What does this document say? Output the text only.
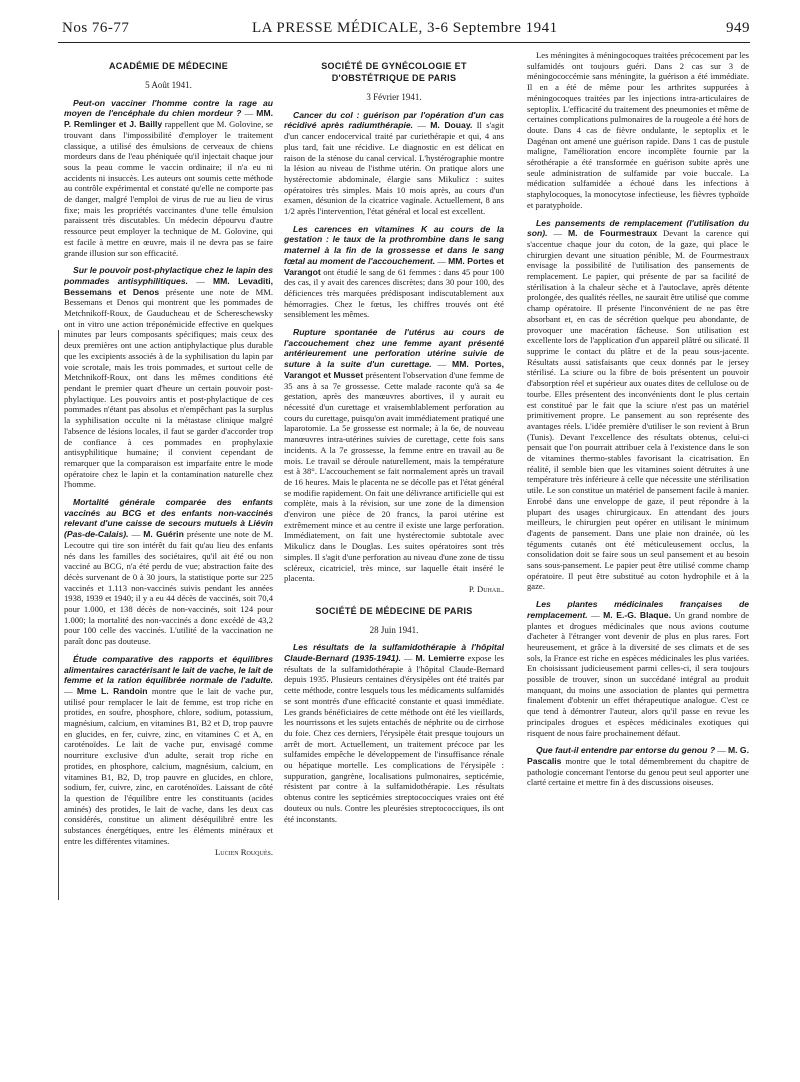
Nos 76-77	LA PRESSE MÉDICALE, 3-6 Septembre 1941	949
ACADÉMIE DE MÉDECINE

5 Août 1941.

Peut-on vacciner l'homme contre la rage au moyen de l'encéphale du chien mordeur ? — MM. P. Remlinger et J. Bailly rappellent que M. Golovine, se trouvant dans l'impossibilité d'employer le traitement classique, a utilisé des émulsions de cerveaux de chiens mordeurs dans de l'eau phéniquée qu'il injectait chaque jour sous la peau comme le vaccin ordinaire; il n'a eu ni accidents ni insuccès. Les auteurs ont soumis cette méthode au contrôle expérimental et constaté qu'elle ne comporte pas de danger, malgré l'emploi de virus de rue au lieu de virus fixe; mais les propriétés vaccinantes d'une telle émulsion paraissent très discutables. Un médecin dépourvu d'autre ressource peut employer la technique de M. Golovine, qui est facile à mettre en œuvre, mais il ne devra pas se faire grande illusion sur son efficacité.

Sur le pouvoir post-phylactique chez le lapin des pommades antisyphilitiques. — MM. Levaditi, Bessemans et Denos présente une note de MM. Bessemans et Denos qui montrent que les pommades de Metchnikoff-Roux, de Gauducheau et de Schereschewsky ont in vitro une action tréponémicide effective en quelques minutes par leurs composants spécifiques; mais ceux des deux premières ont une action antiphylactique plus durable que les excipients associés à de la syphilisation du lapin par voie scrotale, mais les trois pommades, et surtout celle de Metchnikoff-Roux, ont dans les mêmes conditions été pendant le premier quart d'heure un certain pouvoir post-phylactique. Les pouvoirs antis et post-phylactique de ces pommades n'étant pas absolus et n'empêchant pas la surplus la syphilisation occulte ni la métastase clinique malgré l'absence de lésions locales, il faut se garder d'accorder trop de confiance à ces pommades en prophylaxie antisyphilitique humaine; il convient cependant de remarquer que la comparaison est imparfaite entre le mode opératoire chez le lapin et la contamination naturelle chez l'homme.

Mortalité générale comparée des enfants vaccinés au BCG et des enfants non-vaccinés relevant d'une caisse de secours mutuels à Liévin (Pas-de-Calais). — M. Guérin présente une note de M. Lecoutre qui tire son intérêt du fait qu'au lieu des enfants nés dans les familles des sociétaires, qu'il ait été ou non vacciné au BCG, n'a été perdu de vue; abstraction faite des décès survenant de 0 à 30 jours, la statistique porte sur 225 vaccinés et 1.113 non-vaccinés suivis pendant les années 1938, 1939 et 1940; il y a eu 44 décès de vaccinés, soit 70,4 pour 1.000, et 138 décès de non-vaccinés, soit 124 pour 1.000; la mortalité des non-vaccinés a donc excédé de 43,2 pour 100 celle des vaccinés. L'utilité de la vaccination ne paraît donc pas douteuse.

Étude comparative des rapports et équilibres alimentaires caractérisant le lait de vache, le lait de femme et la ration équilibrée normale de l'adulte. — Mme L. Randoin montre que le lait de vache pur, utilisé pour remplacer le lait de femme, est trop riche en protides, en soufre, phosphore, chlore, sodium, potassium, magnésium, calcium, en vitamines B1, B2 et D, trop pauvre en glucides, en fer, cuivre, zinc, en vitamines C et A, en caroténoïdes. Le lait de vache pur, envisagé comme nourriture exclusive d'un adulte, serait trop riche en protides, en phosphore, calcium, magnésium, calcium, en vitamines B1, B2, D, trop pauvre en glucides, en chlore, sodium, fer, cuivre, zinc, en caroténoïdes. Laissant de côté la question de l'équilibre entre les constituants (acides aminés) des protides, le lait de vache, dans les deux cas considérés, constitue un aliment déséquilibré entre les substances énergétiques, entre les éléments minéraux et entre les différentes vitamines.

Lucien Rouquès.

SOCIÉTÉ DE GYNÉCOLOGIE ET D'OBSTÉTRIQUE DE PARIS

3 Février 1941.

Cancer du col : guérison par l'opération d'un cas récidivé après radiumthérapie. — M. Douay. Il s'agit d'un cancer endocervical traité par curiethérapie et qui, 4 ans plus tard, fait une récidive. Le diagnostic en est délicat en raison de la sténose du canal cervical. L'hystérographie montre la lésion au niveau de l'isthme utérin. On pratique alors une hystérectomie abdominale, élargie sans Mikulicz : suites opératoires très simples. Mais 10 mois après, au cours d'un examen, désunion de la cicatrice vaginale. Actuellement, 8 ans 1/2 après l'intervention, l'état général et local est excellent.

Les carences en vitamines K au cours de la gestation : le taux de la prothrombine dans le sang maternel à la fin de la grossesse et dans le sang fœtal au moment de l'accouchement. — MM. Portes et Varangot ont étudié le sang de 61 femmes : dans 45 pour 100 des cas, il y avait des carences discrètes; dans 30 pour 100, des déficiences très marquées prédisposant indiscutablement aux hémorragies. Chez le fœtus, les chiffres trouvés ont été sensiblement les mêmes.

Rupture spontanée de l'utérus au cours de l'accouchement chez une femme ayant présenté antérieurement une perforation utérine suivie de suture à la suite d'un curettage. — MM. Portes, Varangot et Musset présentent l'observation d'une femme de 35 ans à sa 7e grossesse. Cette malade raconte qu'à sa 4e gestation, après des manœuvres abortives, il y aurait eu nécessité d'un curettage et vraisemblablement perforation au cours du curettage, puisqu'on avait immédiatement pratiqué une laparotomie. La 5e grossesse est normale; à la 6e, de nouveau manœuvres intra-utérines suivies de curettage, cette fois sans incidents. A la 7e grossesse, la femme entre en travail au 8e mois. Le travail se déroule naturellement, mais la température est à 38°. L'accouchement se fait normalement après un travail de 16 heures. Mais le placenta ne se décolle pas et l'état général se modifie rapidement. On fait une délivrance artificielle qui est complète, mais à la révision, sur une zone de la dimension d'environ une pièce de 20 francs, la paroi utérine est extrêmement mince et au centre il existe une large perforation. Immédiatement, on fait une hystérectomie subtotale avec Mikulicz dans le Douglas. Les suites opératoires sont très simples. Il s'agit d'une perforation au niveau d'une zone de tissu scléreux, cicatriciel, très mince, sur laquelle était inséré le placenta.

P. Duhail.

SOCIÉTÉ DE MÉDECINE DE PARIS

28 Juin 1941.

Les résultats de la sulfamidothérapie à l'hôpital Claude-Bernard (1935-1941). — M. Lemierre expose les résultats de la sulfamidothérapie à l'hôpital Claude-Bernard depuis 1935. Plusieurs centaines d'érysipèles ont été traités par cette méthode, contre lesquels tous les médicaments sulfamidés se sont montrés d'une efficacité constante et quasi immédiate. Les grands bénéficiaires de cette méthode ont été les vieillards, les nourrissons et les sujets entachés de néphrite ou de cirrhose du foie. Chez ces derniers, l'érysipèle était presque toujours un arrêt de mort. Actuellement, un traitement précoce par les sulfamides empêche le développement de l'insuffisance rénale ou hépatique mortelle. Les complications de l'érysipèle : suppuration, gangrène, localisations pulmonaires, septicémie, résistent par contre à la sulfamidothérapie. Les résultats obtenus contre les septicémies streptococciques vraies ont été douteux ou nuls. Contre les pleurésies streptococciques, ils ont été inconstants.

Les méningites à méningocoques traitées précocement par les sulfamidés ont toujours guéri. Dans 2 cas sur 3 de méningococcémie sans méningite, la guérison a été immédiate. Il en a été de même pour les arthrites suppurées à méningocoques traitées par les injections intra-articulaires de septoplix. L'efficacité du traitement des pneumonies et même de certaines complications pulmonaires de la rougeole a été hors de doute. Dans 4 cas de fièvre ondulante, le septoplix et le Dagénan ont amené une guérison rapide. Dans 1 cas de pustule maligne, l'amélioration encore incomplète fournie par la sérothérapie a été transformée en guérison subite après une seule administration de sulfamide par voie buccale. La médication sulfamidée a échoué dans les infections à staphylocoques, la monocytose infectieuse, les fièvres typhoïde et paratyphoïde.

Les pansements de remplacement (l'utilisation du son). — M. de Fourmestraux Devant la carence qui s'accentue chaque jour du coton, de la gaze, qui place le chirurgien devant une situation pénible, M. de Fourmestraux envisage la possibilité de l'utilisation des pansements de remplacement. Le papier, qui présente de par sa facilité de stérilisation à la chaleur sèche et à l'autoclave, après détente prolongée, des qualités réelles, ne saurait être utilisé que comme champ opératoire. Il présente l'inconvénient de ne pas être absorbant et, en cas de sécrétion quelque peu abondante, de provoquer une macération fâcheuse. Son utilisation est excellente lors de l'application d'un appareil plâtré ou silicaté. Il supprime le contact du plâtre et de la peau sous-jacente. Résultats aussi satisfaisants que ceux donnés par le jersey stérilisé. La sciure ou la fibre de bois présentent un pouvoir d'absorption réel et supérieur aux ouates dites de cellulose ou de tourbe. Elles présentent des inconvénients dont le plus certain est constitué par le fait que la sciure n'est pas un matériel primitivement propre. Le pansement au son représente des avantages réels. L'idée première d'utiliser le son revient à Brun (Tunis). Devant l'excellence des résultats obtenus, celui-ci pensait que l'on pourrait attribuer cela à l'existence dans le son de vitamines thermo-stables favorisant la cicatrisation. En réalité, il semble bien que les vitamines soient détruites à une température très inférieure à celle que nécessite une stérilisation utile. Le son constitue un matériel de pansement facile à manier. Enrobé dans une enveloppe de gaze, il peut répondre à la plupart des usages chirurgicaux. En attendant des jours meilleurs, le chirurgien peut opérer en utilisant le minimum d'agents de pansement. Dans une plaie non drainée, où les téguments cutanés ont été méticuleusement occlus, la consolidation doit se faire sous un seul pansement et au besoin sans sous-pansement. Le papier peut être utilisé comme champ opératoire. Il peut être substitué au coton hydrophile et à la gaze.

Les plantes médicinales françaises de remplacement. — M. E.-G. Blaque. Un grand nombre de plantes et drogues médicinales que nous avions coutume d'acheter à l'étranger vont devenir de plus en plus rares. Fort heureusement, et grâce à la diversité de ses climats et de ses sols, la France est riche en espèces médicinales les plus variées. En choisissant judicieusement parmi celles-ci, il sera toujours possible de trouver, sinon un succédané intégral au produit manquant, du moins une association de plantes qui permettra finalement d'obtenir un effet thérapeutique analogue. C'est ce que tend à démontrer l'auteur, alors qu'il passe en revue les principales drogues et espèces médicinales exotiques qui risquent de nous faire prochainement défaut.

Que faut-il entendre par entorse du genou ? — M. G. Pascalis montre que le total démembrement du chapitre de pathologie concernant l'entorse du genou peut seul apporter une clarté certaine et mettre fin à des discussions oiseuses.
